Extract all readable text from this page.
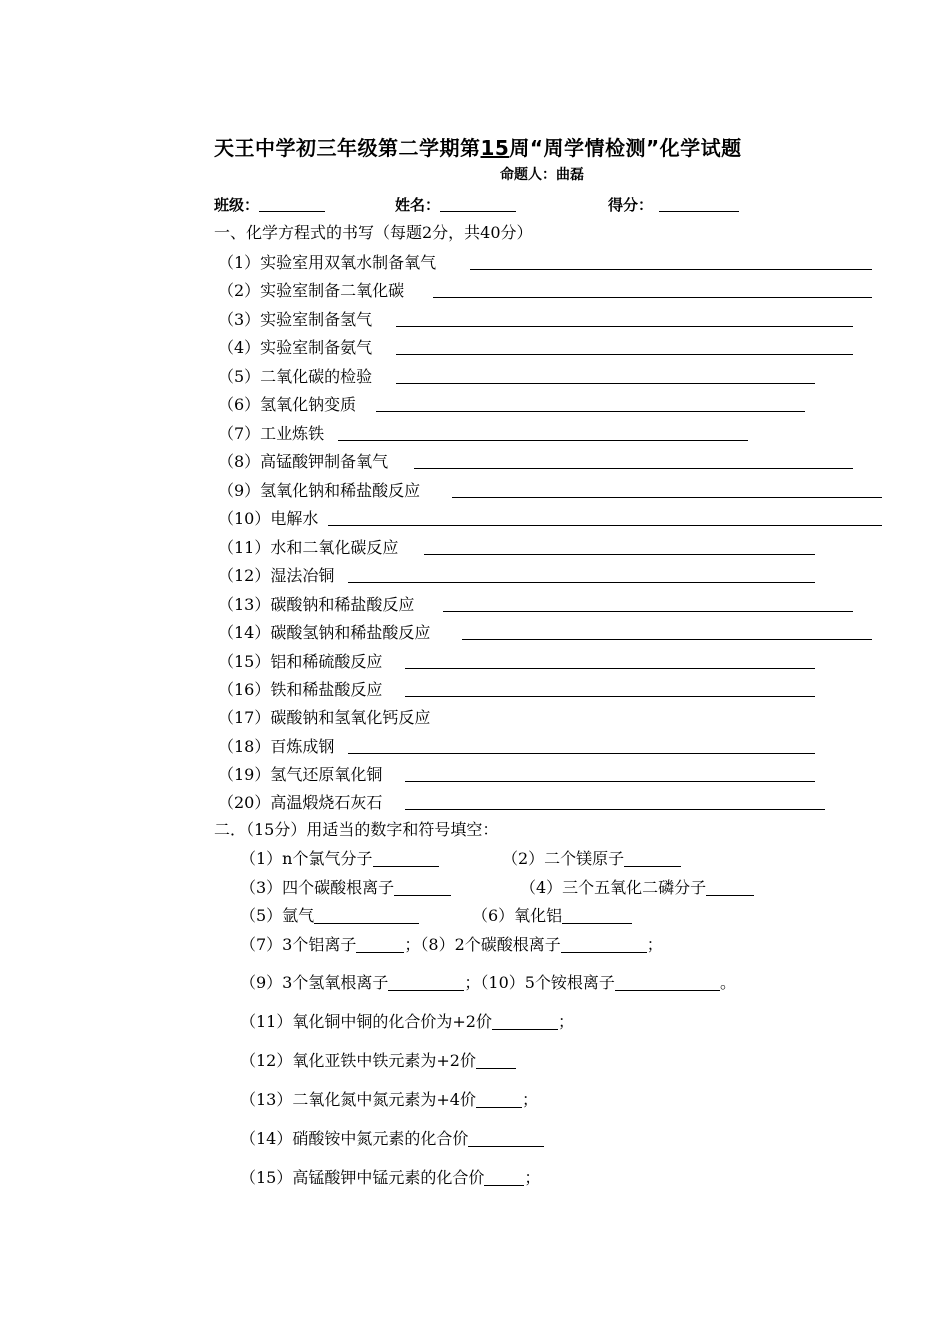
天王中学初三年级第二学期第15周“周学情检测”化学试题
命题人：曲磊
班级：	姓名：	得分：
一、化学方程式的书写（每题2分，共40分）
（1）实验室用双氧水制备氧气
（2）实验室制备二氧化碳
（3）实验室制备氢气
（4）实验室制备氨气
（5）二氧化碳的检验
（6）氢氧化钠变质
（7）工业炼铁
（8）高锰酸钾制备氧气
（9）氢氧化钠和稀盐酸反应
（10）电解水
（11）水和二氧化碳反应
（12）湿法冶铜
（13）碳酸钠和稀盐酸反应
（14）碳酸氢钠和稀盐酸反应
（15）铝和稀硫酸反应
（16）铁和稀盐酸反应
（17）碳酸钠和氢氧化钙反应
（18）百炼成钢
（19）氢气还原氧化铜
（20）高温煅烧石灰石
二．（15分）用适当的数字和符号填空：
（1）n个氯气分子	（2）二个镁原子
（3）四个碳酸根离子	（4）三个五氧化二磷分子
（5）氩气	（6）氧化铝
（7）3个铝离子	；（8）2个碳酸根离子	；
（9）3个氢氧根离子	；（10）5个铵根离子	。
（11）氧化铜中铜的化合价为+2价	；
（12）氧化亚铁中铁元素为+2价
（13）二氧化氮中氮元素为+4价	；
（14）硝酸铵中氮元素的化合价
（15）高锰酸钾中锰元素的化合价	；
